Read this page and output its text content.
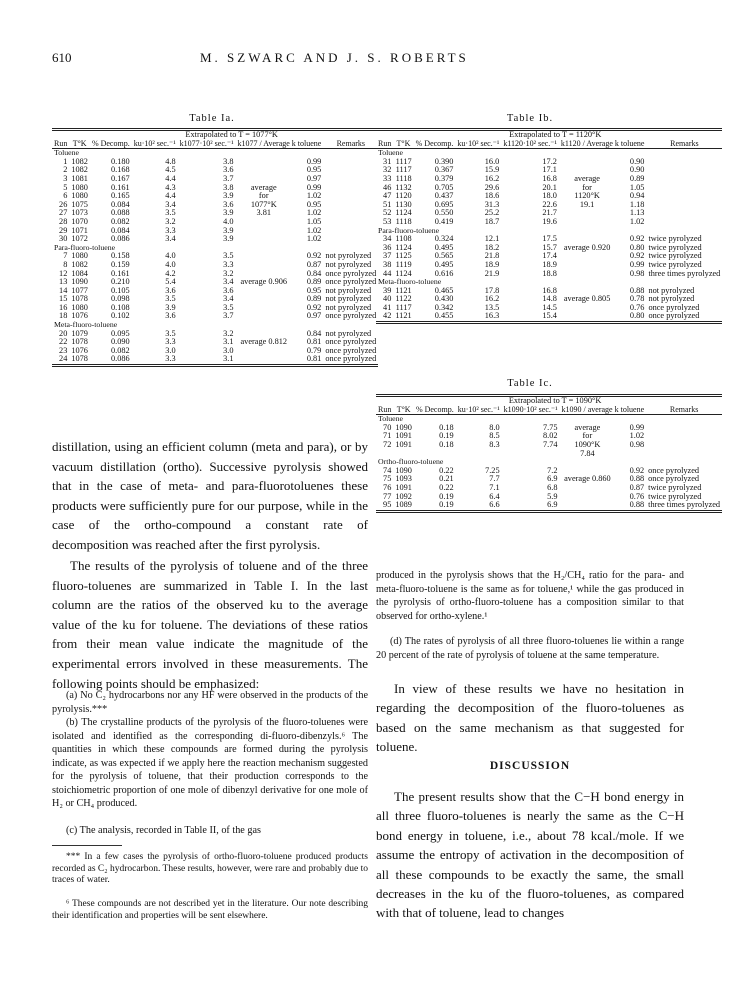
610	M. SZWARC AND J. S. ROBERTS
Table Ia.
Extrapolated to T = 1077°K							
Run	T°K	% Decomp.	ku·10² sec.⁻¹	k1077·10² sec.⁻¹	k1077 / Average k toluene		Remarks

Toluene							
1	1082	0.180	4.8	3.8		0.99	
2	1082	0.168	4.5	3.6		0.95	
3	1081	0.167	4.4	3.7		0.97	
5	1080	0.161	4.3	3.8	average	0.99	
6	1080	0.165	4.4	3.9	for	1.02	
26	1075	0.084	3.4	3.6	1077°K	0.95	
27	1073	0.088	3.5	3.9	3.81	1.02	
28	1070	0.082	3.2	4.0		1.05	
29	1071	0.084	3.3	3.9		1.02	
30	1072	0.086	3.4	3.9		1.02	
Para-fluoro-toluene							
7	1080	0.158	4.0	3.5		0.92	not pyrolyzed
8	1082	0.159	4.0	3.3		0.87	not pyrolyzed
12	1084	0.161	4.2	3.2		0.84	once pyrolyzed
13	1090	0.210	5.4	3.4	average 0.906	0.89	once pyrolyzed
14	1077	0.105	3.6	3.6		0.95	not pyrolyzed
15	1078	0.098	3.5	3.4		0.89	not pyrolyzed
16	1080	0.108	3.9	3.5		0.92	not pyrolyzed
18	1076	0.102	3.6	3.7		0.97	once pyrolyzed
Meta-fluoro-toluene							
20	1079	0.095	3.5	3.2		0.84	not pyrolyzed
22	1078	0.090	3.3	3.1	average 0.812	0.81	once pyrolyzed
23	1076	0.082	3.0	3.0		0.79	once pyrolyzed
24	1078	0.086	3.3	3.1		0.81	once pyrolyzed

Table Ib.
Extrapolated to T = 1120°K							
Run	T°K	% Decomp.	ku·10² sec.⁻¹	k1120·10² sec.⁻¹	k1120 / Average k toluene		Remarks

Toluene							
31	1117	0.390	16.0	17.2		0.90	
32	1117	0.367	15.9	17.1		0.90	
33	1118	0.379	16.2	16.8	average	0.89	
46	1132	0.705	29.6	20.1	for	1.05	
47	1120	0.437	18.6	18.0	1120°K	0.94	
51	1130	0.695	31.3	22.6	19.1	1.18	
52	1124	0.550	25.2	21.7		1.13	
53	1118	0.419	18.7	19.6		1.02	
Para-fluoro-toluene							
34	1108	0.324	12.1	17.5		0.92	twice pyrolyzed
36	1124	0.495	18.2	15.7	average 0.920	0.80	twice pyrolyzed
37	1125	0.565	21.8	17.4		0.92	twice pyrolyzed
38	1119	0.495	18.9	18.9		0.99	twice pyrolyzed
44	1124	0.616	21.9	18.8		0.98	three times pyrolyzed
Meta-fluoro-toluene							
39	1121	0.465	17.8	16.8		0.88	not pyrolyzed
40	1122	0.430	16.2	14.8	average 0.805	0.78	not pyrolyzed
41	1117	0.342	13.5	14.5		0.76	once pyrolyzed
42	1121	0.455	16.3	15.4		0.80	once pyrolyzed

Table Ic.
Extrapolated to T = 1090°K							
Run	T°K	% Decomp.	ku·10² sec.⁻¹	k1090·10² sec.⁻¹	k1090 / average k toluene		Remarks

Toluene							
70	1090	0.18	8.0	7.75	average	0.99	
71	1091	0.19	8.5	8.02	for	1.02	
72	1091	0.18	8.3	7.74	1090°K	0.98	
					7.84		
Ortho-fluoro-toluene							
74	1090	0.22	7.25	7.2		0.92	once pyrolyzed
75	1093	0.21	7.7	6.9	average 0.860	0.88	once pyrolyzed
76	1091	0.22	7.1	6.8		0.87	twice pyrolyzed
77	1092	0.19	6.4	5.9		0.76	twice pyrolyzed
95	1089	0.19	6.6	6.9		0.88	three times pyrolyzed

distillation, using an efficient column (meta and para), or by vacuum distillation (ortho). Successive pyrolysis showed that in the case of meta- and para-fluorotoluenes these products were sufficiently pure for our purpose, while in the case of the ortho-compound a constant rate of decomposition was reached after the first pyrolysis.
The results of the pyrolysis of toluene and of the three fluoro-toluenes are summarized in Table I. In the last column are the ratios of the observed ku to the average value of the ku for toluene. The deviations of these ratios from their mean value indicate the magnitude of the experimental errors involved in these measurements. The following points should be emphasized:
(a) No C₂ hydrocarbons nor any HF were observed in the products of the pyrolysis.***
(b) The crystalline products of the pyrolysis of the fluoro-toluenes were isolated and identified as the corresponding di-fluoro-dibenzyls.⁶ The quantities in which these compounds are formed during the pyrolysis indicate, as was expected if we apply here the reaction mechanism suggested for the pyrolysis of toluene, that their production corresponds to the stoichiometric proportion of one mole of dibenzyl derivative for one mole of H₂ or CH₄ produced.
(c) The analysis, recorded in Table II, of the gas
*** In a few cases the pyrolysis of ortho-fluoro-toluene produced products recorded as C₂ hydrocarbon. These results, however, were rare and probably due to traces of water.
⁶ These compounds are not described yet in the literature. Our note describing their identification and properties will be sent elsewhere.
produced in the pyrolysis shows that the H₂/CH₄ ratio for the para- and meta-fluoro-toluene is the same as for toluene,¹ while the gas produced in the pyrolysis of ortho-fluoro-toluene has a composition similar to that observed for ortho-xylene.¹
(d) The rates of pyrolysis of all three fluoro-toluenes lie within a range 20 percent of the rate of pyrolysis of toluene at the same temperature.
In view of these results we have no hesitation in regarding the decomposition of the fluoro-toluenes as based on the same mechanism as that suggested for toluene.
DISCUSSION
The present results show that the C−H bond energy in all three fluoro-toluenes is nearly the same as the C−H bond energy in toluene, i.e., about 78 kcal./mole. If we assume the entropy of activation in the decomposition of all these compounds to be exactly the same, the small decreases in the ku of the fluoro-toluenes, as compared with that of toluene, lead to changes
